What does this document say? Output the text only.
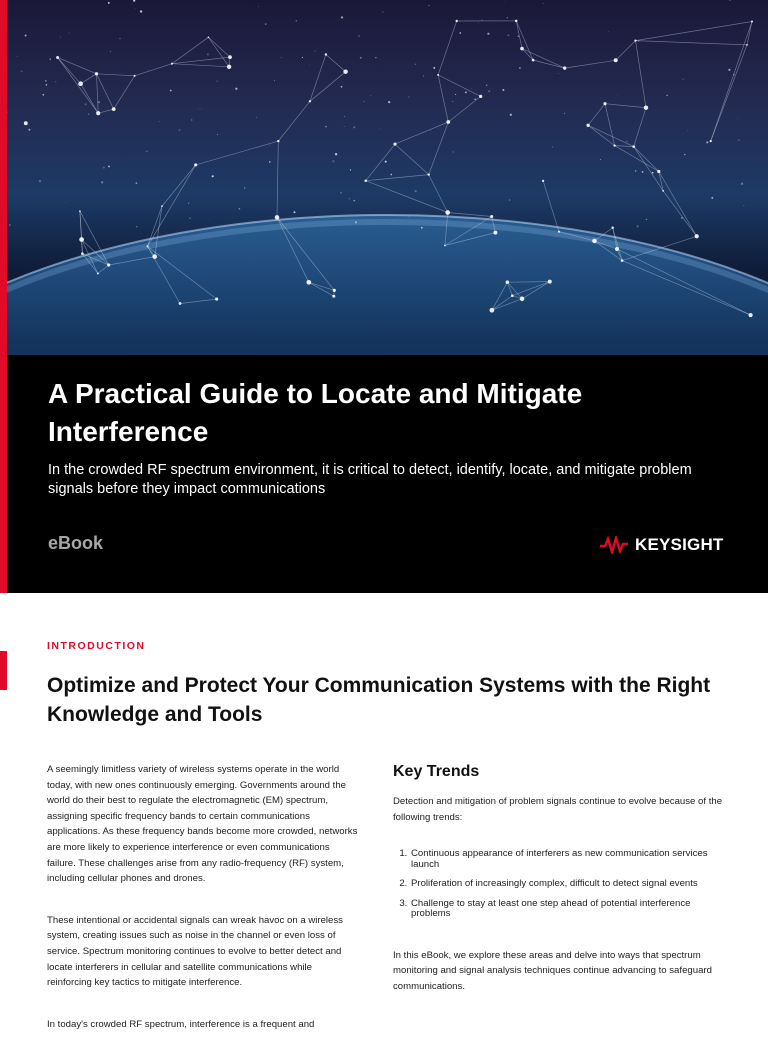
A Practical Guide to Locate and Mitigate Interference

In the crowded RF spectrum environment, it is critical to detect, identify, locate, and mitigate problem signals before they impact communications

eBook	KEYSIGHT
INTRODUCTION
Optimize and Protect Your Communication Systems with the Right Knowledge and Tools

A seemingly limitless variety of wireless systems operate in the world today, with new ones continuously emerging. Governments around the world do their best to regulate the electromagnetic (EM) spectrum, assigning specific frequency bands to certain communications applications. As these frequency bands become more crowded, networks are more likely to experience interference or even communications failure. These challenges arise from any radio-frequency (RF) system, including cellular phones and drones.

These intentional or accidental signals can wreak havoc on a wireless system, creating issues such as noise in the channel or even loss of service. Spectrum monitoring continues to evolve to better detect and locate interferers in cellular and satellite communications while reinforcing key tactics to mitigate interference.

In today's crowded RF spectrum, interference is a frequent and

Key Trends

Detection and mitigation of problem signals continue to evolve because of the following trends:

1. Continuous appearance of interferers as new communication services launch
2. Proliferation of increasingly complex, difficult to detect signal events
3. Challenge to stay at least one step ahead of potential interference problems

In this eBook, we explore these areas and delve into ways that spectrum monitoring and signal analysis techniques continue advancing to safeguard communications.
